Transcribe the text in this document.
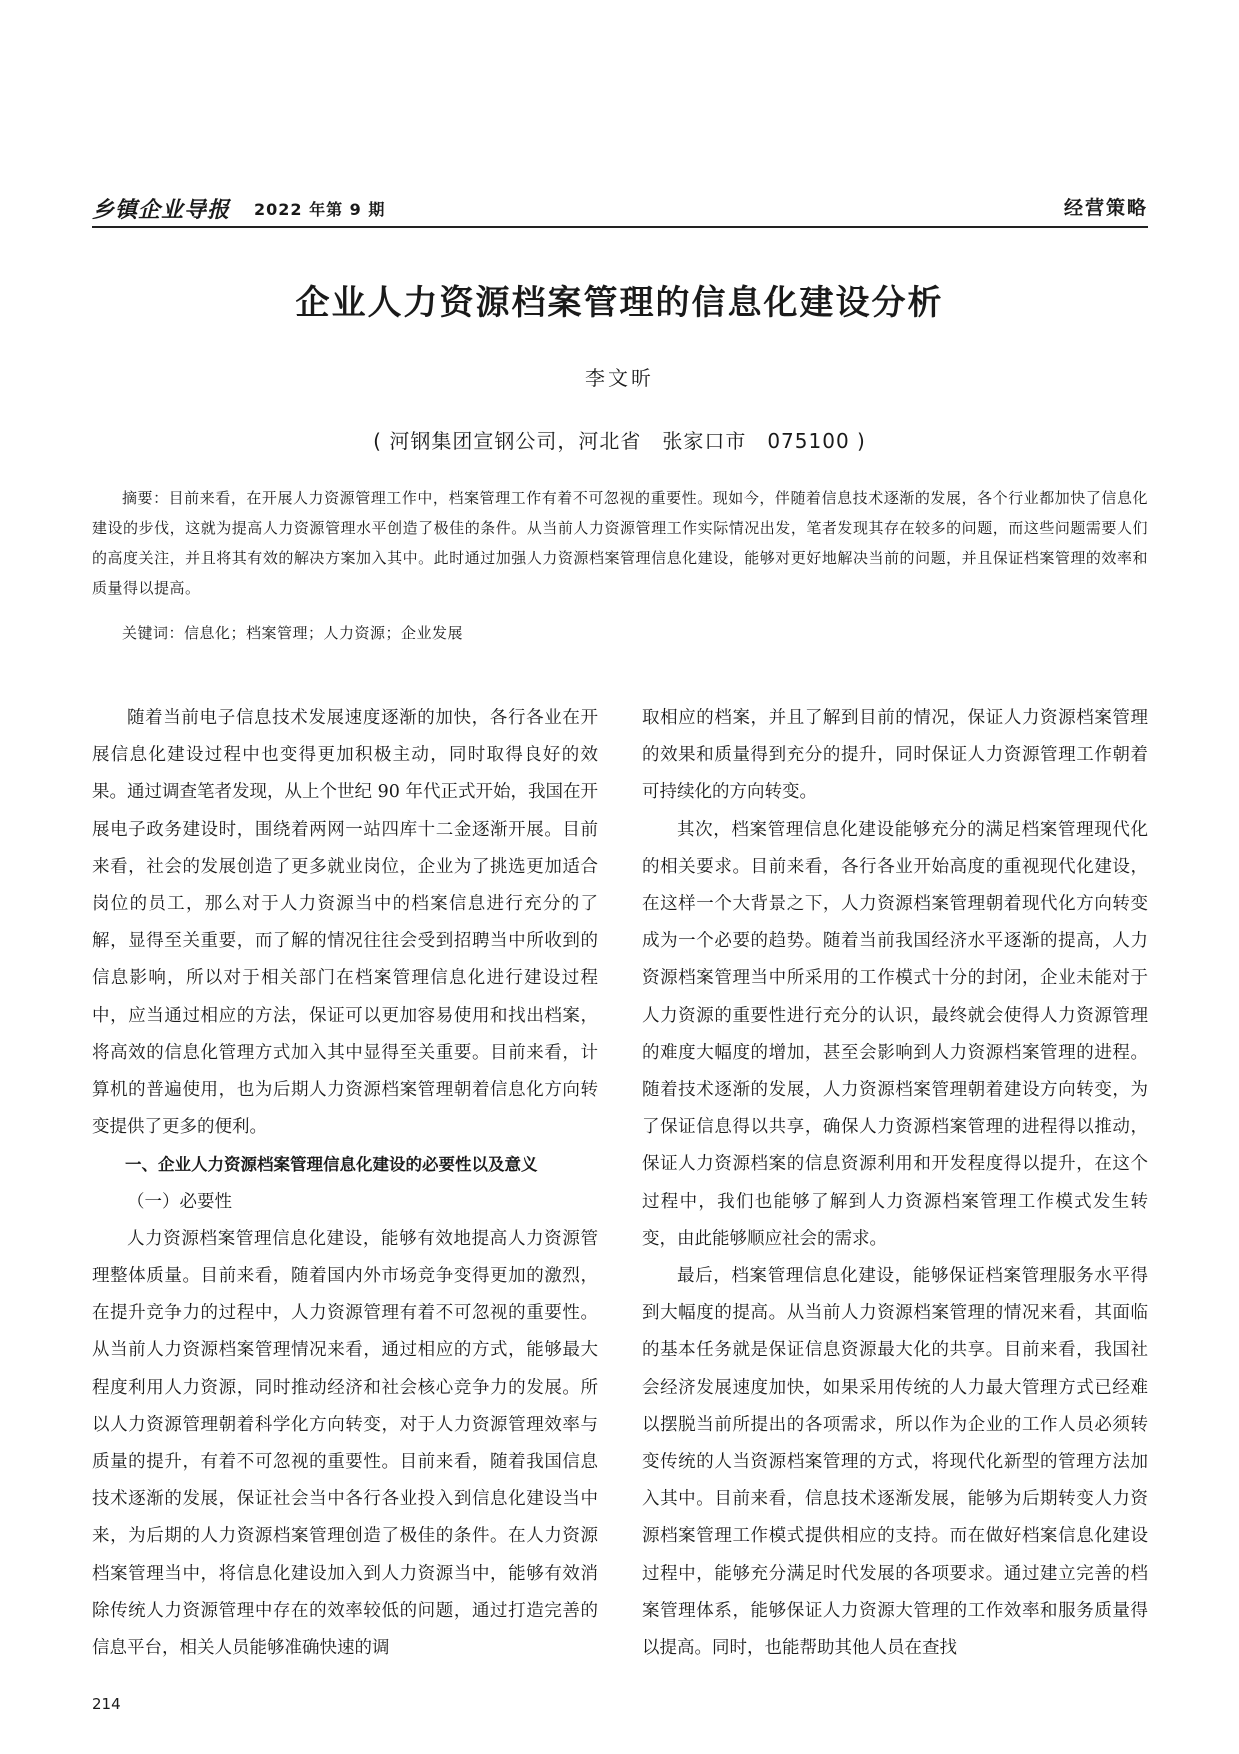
乡镇企业导报 2022 年第 9 期	经营策略
企业人力资源档案管理的信息化建设分析
李文昕
( 河钢集团宣钢公司，河北省　张家口市　075100 )

摘要：目前来看，在开展人力资源管理工作中，档案管理工作有着不可忽视的重要性。现如今，伴随着信息技术逐渐的发展，各个行业都加快了信息化建设的步伐，这就为提高人力资源管理水平创造了极佳的条件。从当前人力资源管理工作实际情况出发，笔者发现其存在较多的问题，而这些问题需要人们的高度关注，并且将其有效的解决方案加入其中。此时通过加强人力资源档案管理信息化建设，能够对更好地解决当前的问题，并且保证档案管理的效率和质量得以提高。

关键词：信息化；档案管理；人力资源；企业发展

随着当前电子信息技术发展速度逐渐的加快，各行各业在开展信息化建设过程中也变得更加积极主动，同时取得良好的效果。通过调查笔者发现，从上个世纪 90 年代正式开始，我国在开展电子政务建设时，围绕着两网一站四库十二金逐渐开展。目前来看，社会的发展创造了更多就业岗位，企业为了挑选更加适合岗位的员工，那么对于人力资源当中的档案信息进行充分的了解，显得至关重要，而了解的情况往往会受到招聘当中所收到的信息影响，所以对于相关部门在档案管理信息化进行建设过程中，应当通过相应的方法，保证可以更加容易使用和找出档案，将高效的信息化管理方式加入其中显得至关重要。目前来看，计算机的普遍使用，也为后期人力资源档案管理朝着信息化方向转变提供了更多的便利。

一、企业人力资源档案管理信息化建设的必要性以及意义

（一）必要性

人力资源档案管理信息化建设，能够有效地提高人力资源管理整体质量。目前来看，随着国内外市场竞争变得更加的激烈，在提升竞争力的过程中，人力资源管理有着不可忽视的重要性。从当前人力资源档案管理情况来看，通过相应的方式，能够最大程度利用人力资源，同时推动经济和社会核心竞争力的发展。所以人力资源管理朝着科学化方向转变，对于人力资源管理效率与质量的提升，有着不可忽视的重要性。目前来看，随着我国信息技术逐渐的发展，保证社会当中各行各业投入到信息化建设当中来，为后期的人力资源档案管理创造了极佳的条件。在人力资源档案管理当中，将信息化建设加入到人力资源当中，能够有效消除传统人力资源管理中存在的效率较低的问题，通过打造完善的信息平台，相关人员能够准确快速的调

取相应的档案，并且了解到目前的情况，保证人力资源档案管理的效果和质量得到充分的提升，同时保证人力资源管理工作朝着可持续化的方向转变。

其次，档案管理信息化建设能够充分的满足档案管理现代化的相关要求。目前来看，各行各业开始高度的重视现代化建设，在这样一个大背景之下，人力资源档案管理朝着现代化方向转变成为一个必要的趋势。随着当前我国经济水平逐渐的提高，人力资源档案管理当中所采用的工作模式十分的封闭，企业未能对于人力资源的重要性进行充分的认识，最终就会使得人力资源管理的难度大幅度的增加，甚至会影响到人力资源档案管理的进程。随着技术逐渐的发展，人力资源档案管理朝着建设方向转变，为了保证信息得以共享，确保人力资源档案管理的进程得以推动，保证人力资源档案的信息资源利用和开发程度得以提升，在这个过程中，我们也能够了解到人力资源档案管理工作模式发生转变，由此能够顺应社会的需求。

最后，档案管理信息化建设，能够保证档案管理服务水平得到大幅度的提高。从当前人力资源档案管理的情况来看，其面临的基本任务就是保证信息资源最大化的共享。目前来看，我国社会经济发展速度加快，如果采用传统的人力最大管理方式已经难以摆脱当前所提出的各项需求，所以作为企业的工作人员必须转变传统的人当资源档案管理的方式，将现代化新型的管理方法加入其中。目前来看，信息技术逐渐发展，能够为后期转变人力资源档案管理工作模式提供相应的支持。而在做好档案信息化建设过程中，能够充分满足时代发展的各项要求。通过建立完善的档案管理体系，能够保证人力资源大管理的工作效率和服务质量得以提高。同时，也能帮助其他人员在查找

214
